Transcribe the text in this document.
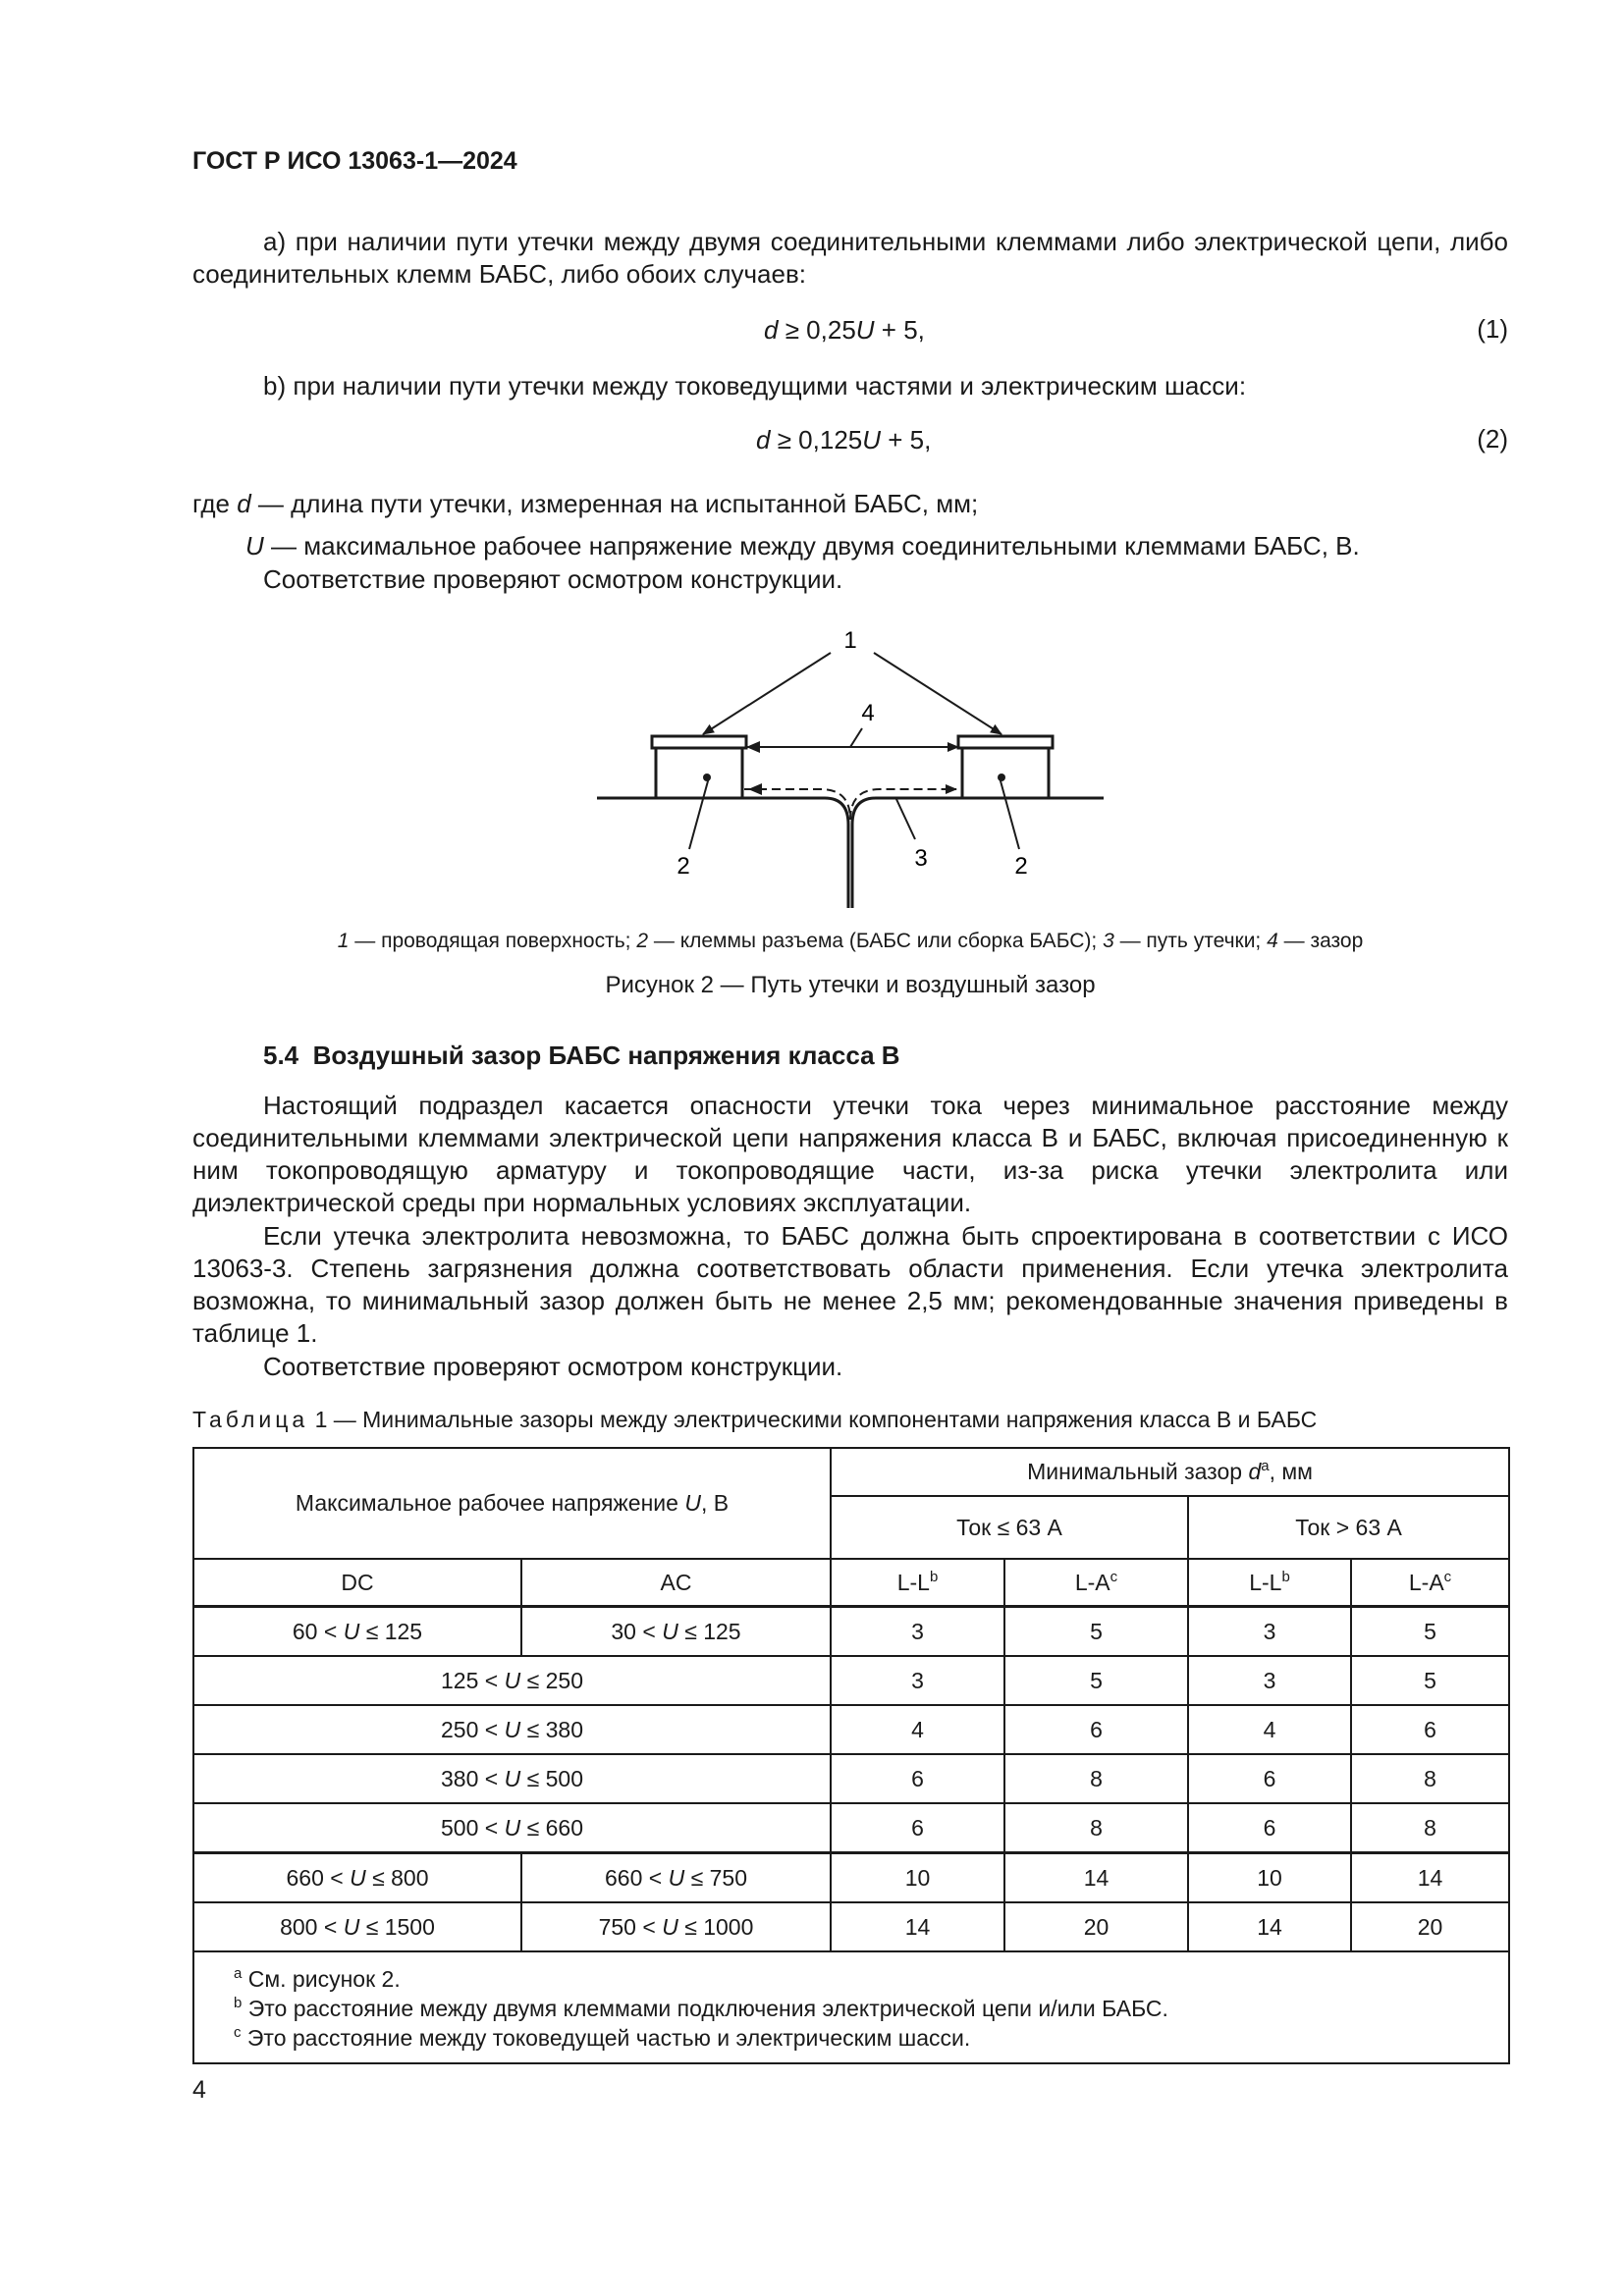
ГОСТ Р ИСО 13063-1—2024
a) при наличии пути утечки между двумя соединительными клеммами либо электрической цепи, либо соединительных клемм БАБС, либо обоих случаев:
d ≥ 0,25U + 5,	(1)
b) при наличии пути утечки между токоведущими частями и электрическим шасси:
d ≥ 0,125U + 5,	(2)
где d — длина пути утечки, измеренная на испытанной БАБС, мм;
U — максимальное рабочее напряжение между двумя соединительными клеммами БАБС, В.
Соответствие проверяют осмотром конструкции.
1
4
2	2
3
1 — проводящая поверхность; 2 — клеммы разъема (БАБС или сборка БАБС); 3 — путь утечки; 4 — зазор
Рисунок 2 — Путь утечки и воздушный зазор
5.4 Воздушный зазор БАБС напряжения класса В
Настоящий подраздел касается опасности утечки тока через минимальное расстояние между соединительными клеммами электрической цепи напряжения класса В и БАБС, включая присоединенную к ним токопроводящую арматуру и токопроводящие части, из-за риска утечки электролита или диэлектрической среды при нормальных условиях эксплуатации.
Если утечка электролита невозможна, то БАБС должна быть спроектирована в соответствии с ИСО 13063-3. Степень загрязнения должна соответствовать области применения. Если утечка электролита возможна, то минимальный зазор должен быть не менее 2,5 мм; рекомендованные значения приведены в таблице 1.
Соответствие проверяют осмотром конструкции.
Таблица 1 — Минимальные зазоры между электрическими компонентами напряжения класса В и БАБС
Максимальное рабочее напряжение U, В		Минимальный зазор $d^a$, мм			
		Ток ≤ 63 А		Ток > 63 А	
DC	AC	$L-L^b$	$L-A^c$	$L-L^b$	$L-A^c$
60 < U ≤ 125	30 < U ≤ 125	3	5	3	5
125 < U ≤ 250		3	5	3	5
250 < U ≤ 380		4	6	4	6
380 < U ≤ 500		6	8	6	8
500 < U ≤ 660		6	8	6	8
660 < U ≤ 800	660 < U ≤ 750	10	14	10	14
800 < U ≤ 1500	750 < U ≤ 1000	14	20	14	20

$^a$ См. рисунок 2.
$^b$ Это расстояние между двумя клеммами подключения электрической цепи и/или БАБС.
$^c$ Это расстояние между токоведущей частью и электрическим шасси.					
4
